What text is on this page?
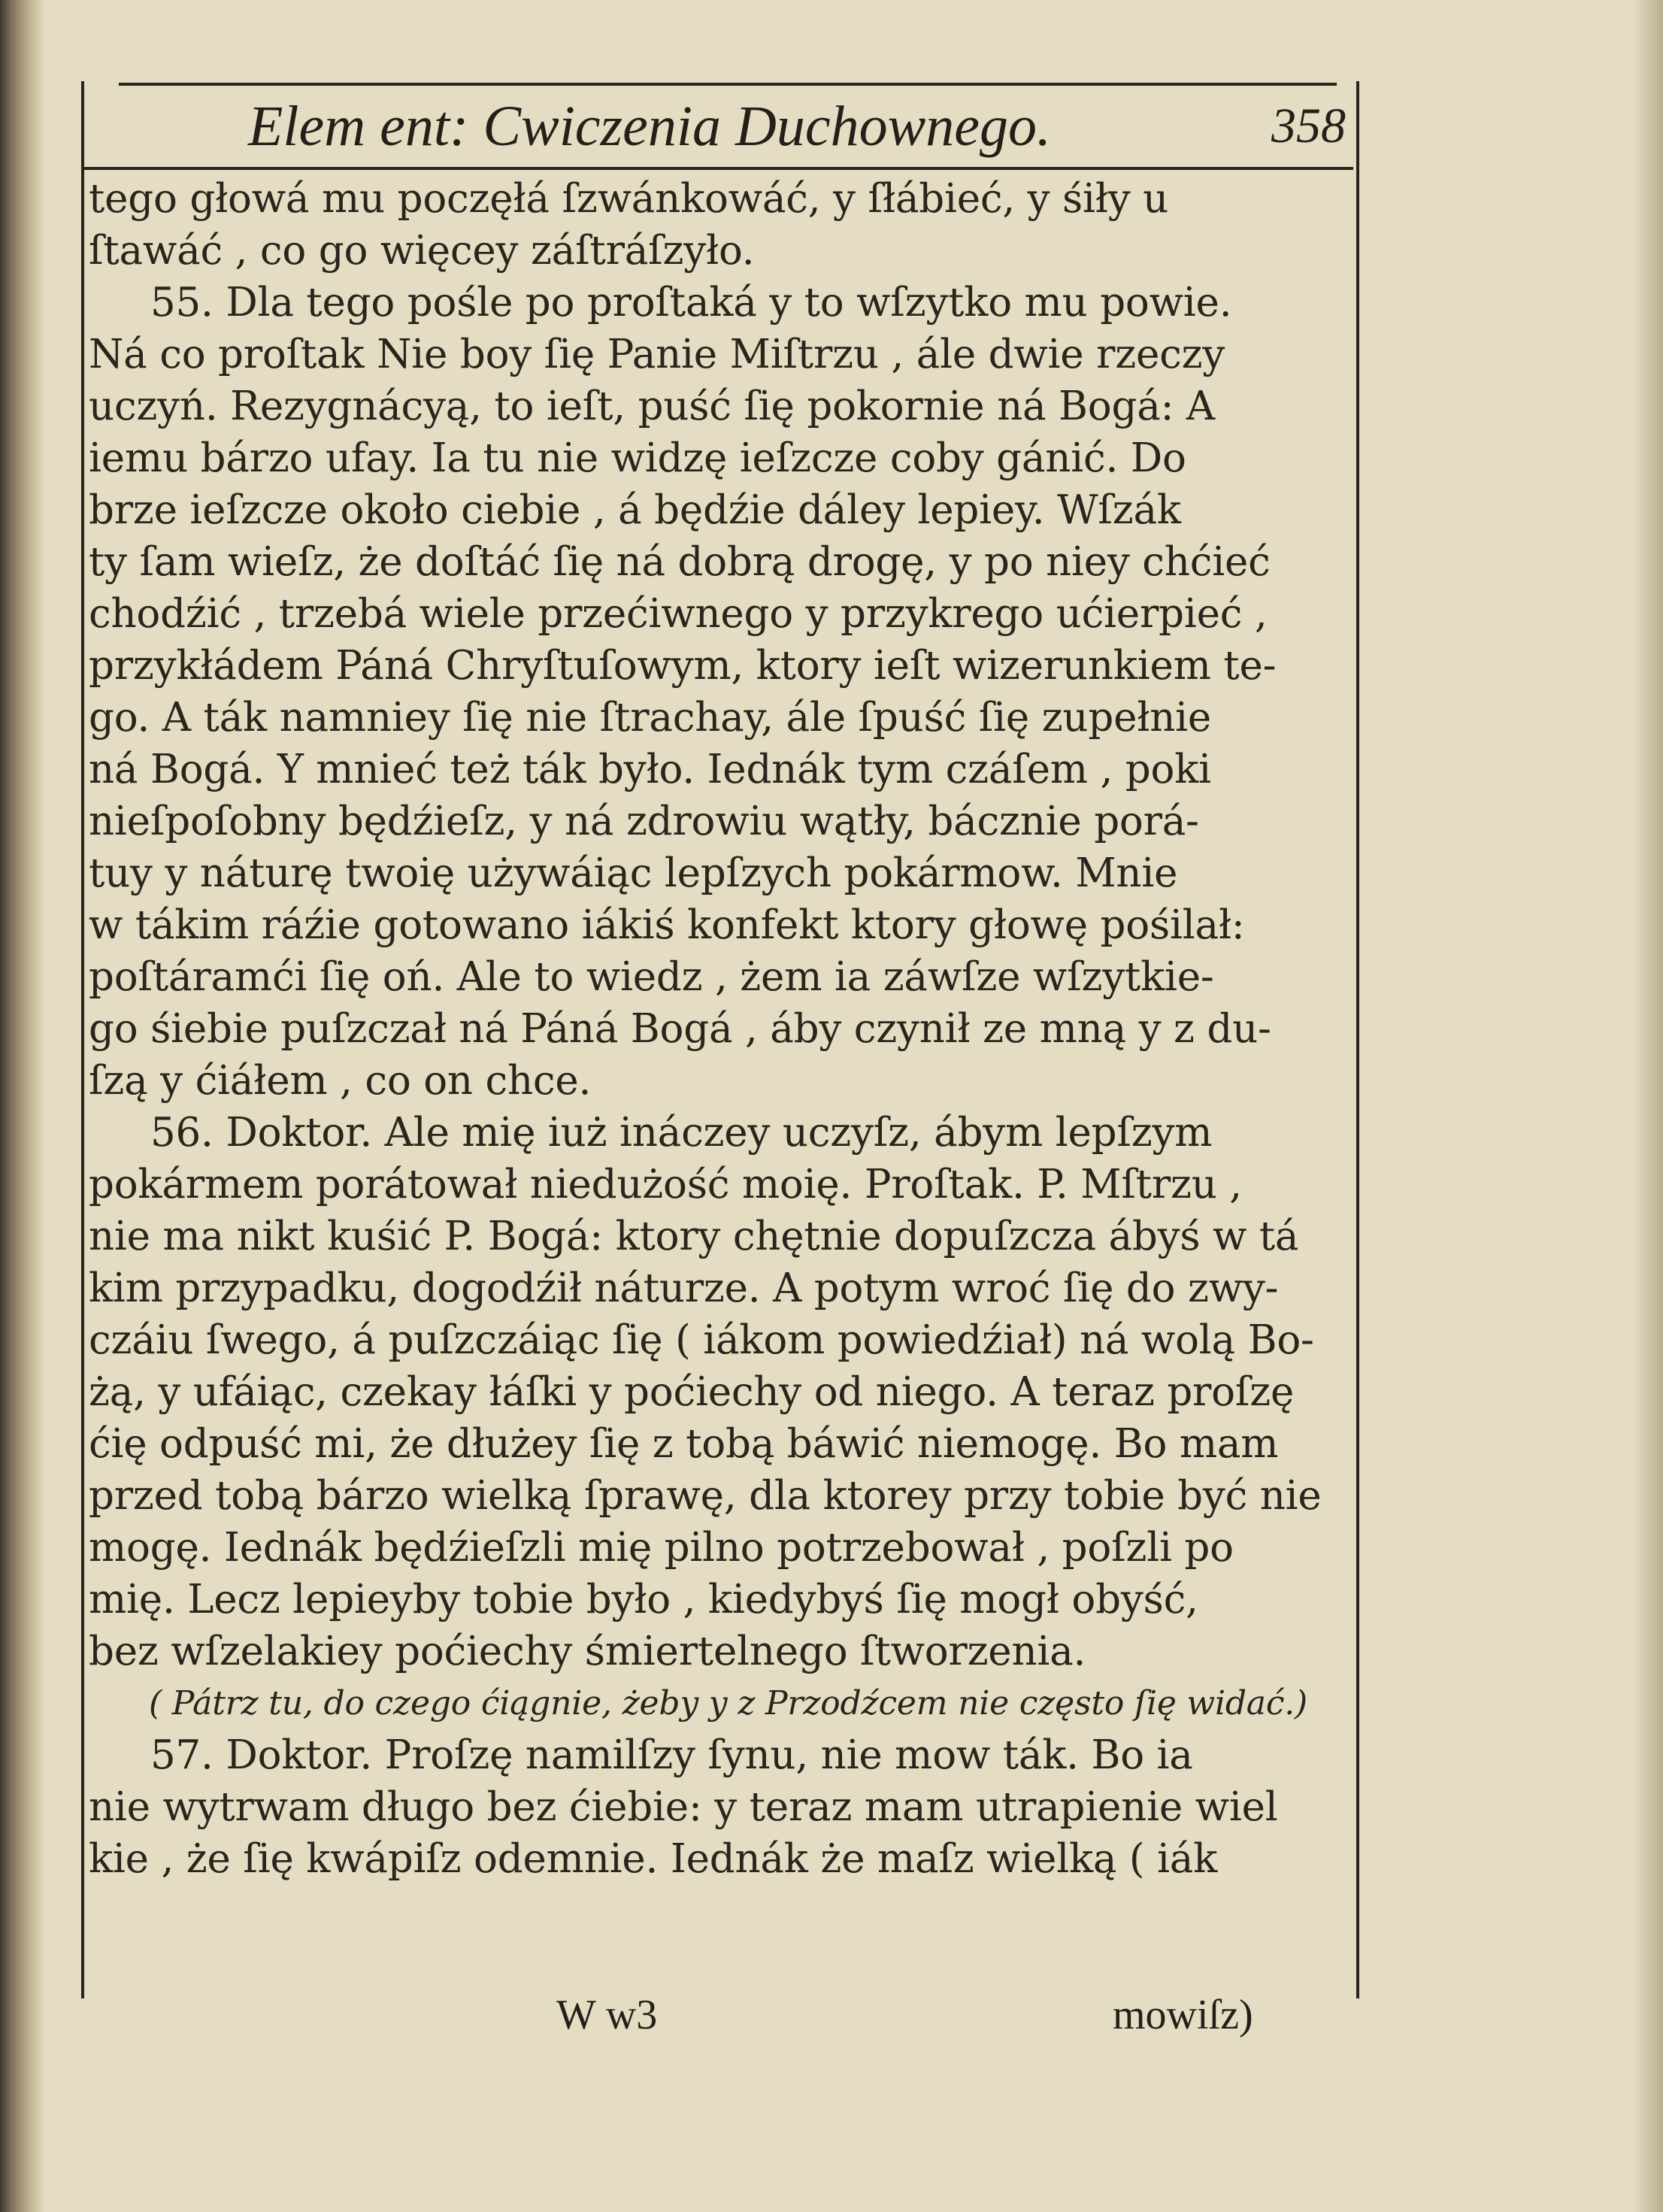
Elem ent: Cwiczenia Duchownego.	358
tego głowá mu poczęłá ſzwánkowáć, y ſłábieć, y śiły u
ſtawáć , co go więcey záſtráſzyło.
55. Dla tego pośle po proſtaká y to wſzytko mu powie.
Ná co proſtak Nie boy ſię Panie Miſtrzu , ále dwie rzeczy
uczyń. Rezygnácyą, to ieſt, puść ſię pokornie ná Bogá: A
iemu bárzo ufay. Ia tu nie widzę ieſzcze coby gánić. Do
brze ieſzcze około ciebie , á będźie dáley lepiey. Wſzák
ty ſam wieſz, że doſtáć ſię ná dobrą drogę, y po niey chćieć
chodźić , trzebá wiele przećiwnego y przykrego ućierpieć ,
przykłádem Páná Chryſtuſowym, ktory ieſt wizerunkiem te-
go. A ták namniey ſię nie ſtrachay, ále ſpuść ſię zupełnie
ná Bogá. Y mnieć też ták było. Iednák tym czáſem , poki
nieſpoſobny będźieſz, y ná zdrowiu wątły, bácznie porá-
tuy y náturę twoię używáiąc lepſzych pokármow. Mnie
w tákim ráźie gotowano iákiś konfekt ktory głowę pośilał:
poſtáramći ſię oń. Ale to wiedz , żem ia záwſze wſzytkie-
go śiebie puſzczał ná Páná Bogá , áby czynił ze mną y z du-
ſzą y ćiáłem , co on chce.
56. Doktor. Ale mię iuż ináczey uczyſz, ábym lepſzym
pokármem porátował niedużość moię. Proſtak. P. Mſtrzu ,
nie ma nikt kuśić P. Bogá: ktory chętnie dopuſzcza ábyś w tá
kim przypadku, dogodźił náturze. A potym wroć ſię do zwy-
czáiu ſwego, á puſzczáiąc ſię ( iákom powiedźiał) ná wolą Bo-
żą, y ufáiąc, czekay łáſki y poćiechy od niego. A teraz proſzę
ćię odpuść mi, że dłużey ſię z tobą báwić niemogę. Bo mam
przed tobą bárzo wielką ſprawę, dla ktorey przy tobie być nie
mogę. Iednák będźieſzli mię pilno potrzebował , poſzli po
mię. Lecz lepieyby tobie było , kiedybyś ſię mogł obyść,
bez wſzelakiey poćiechy śmiertelnego ſtworzenia.
( Pátrz tu, do czego ćiągnie, żeby y z Przodźcem nie często ſię widać.)
57. Doktor. Proſzę namilſzy ſynu, nie mow ták. Bo ia
nie wytrwam długo bez ćiebie: y teraz mam utrapienie wiel
kie , że ſię kwápiſz odemnie. Iednák że maſz wielką ( iák
W w3	mowiſz)
